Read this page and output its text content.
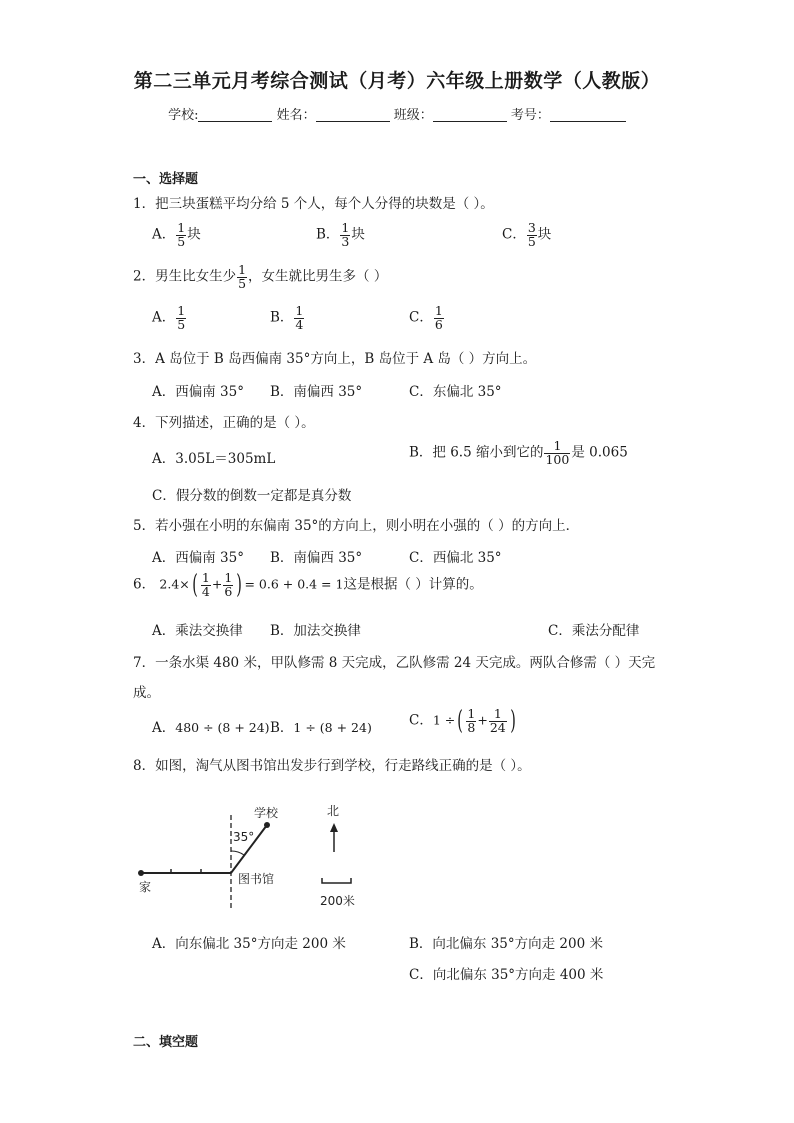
第二三单元月考综合测试（月考）六年级上册数学（人教版）
学校:	姓名：	班级：	考号：
一、选择题
1．把三块蛋糕平均分给 5 个人，每个人分得的块数是（ ）。
A． $\frac{1}{5}$ 块	B． $\frac{1}{3}$ 块	C． $\frac{3}{5}$ 块
2．男生比女生少 $\frac{1}{5}$ ，女生就比男生多（ ）
A． $\frac{1}{5}$	B． $\frac{1}{4}$	C． $\frac{1}{6}$
3．A 岛位于 B 岛西偏南 35°方向上，B 岛位于 A 岛（ ）方向上。
A．西偏南 35° B．南偏西 35°	C．东偏北 35°
4．下列描述，正确的是（ ）。
A．3.05L＝305mL	B．把 6.5 缩小到它的 $\frac{1}{100}$ 是 0.065
C．假分数的倒数一定都是真分数
5．若小强在小明的东偏南 35°的方向上，则小明在小强的（ ）的方向上．
A．西偏南 35° B．南偏西 35°	C．西偏北 35°
6． $2.4\times( \frac{1}{4} + \frac{1}{6}$ ) = 0.6 + 0.4 = 1这是根据（ ）计算的。
A．乘法交换律 B．加法交换律	C．乘法分配律
7．一条水渠 480 米，甲队修需 8 天完成，乙队修需 24 天完成。两队合修需（ ）天完
成。
A．480 ÷ (8 + 24) B．1 ÷ (8 + 24)	C．1 ÷( $\frac{1}{8} + \frac{1}{24}$ )
8．如图，淘气从图书馆出发步行到学校，行走路线正确的是（ ）。
35°
学校
图书馆
家
北
200米
A．向东偏北 35°方向走 200 米	B．向北偏东 35°方向走 200 米
C．向北偏东 35°方向走 400 米
二、填空题
